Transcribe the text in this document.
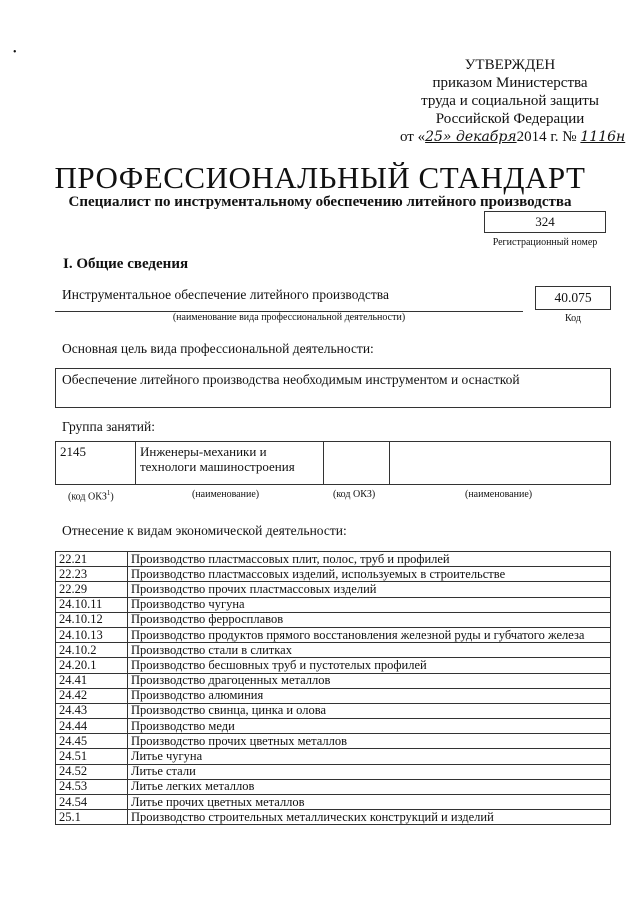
•
УТВЕРЖДЕН
приказом Министерства
труда и социальной защиты
Российской Федерации
от «25» декабря2014 г. № 1116н
ПРОФЕССИОНАЛЬНЫЙ СТАНДАРТ
Специалист по инструментальному обеспечению литейного производства
324
Регистрационный номер
I. Общие сведения
Инструментальное обеспечение литейного производства
(наименование вида профессиональной деятельности)
40.075
Код
Основная цель вида профессиональной деятельности:
Обеспечение литейного производства необходимым инструментом и оснасткой
Группа занятий:
2145	Инженеры-механики и технологи машиностроения		
(код ОКЗ$^1$)	(наименование)	(код ОКЗ)	(наименование)
Отнесение к видам экономической деятельности:
22.21	Производство пластмассовых плит, полос, труб и профилей
22.23	Производство пластмассовых изделий, используемых в строительстве
22.29	Производство прочих пластмассовых изделий
24.10.11	Производство чугуна
24.10.12	Производство ферросплавов
24.10.13	Производство продуктов прямого восстановления железной руды и губчатого железа
24.10.2	Производство стали в слитках
24.20.1	Производство бесшовных труб и пустотелых профилей
24.41	Производство драгоценных металлов
24.42	Производство алюминия
24.43	Производство свинца, цинка и олова
24.44	Производство меди
24.45	Производство прочих цветных металлов
24.51	Литье чугуна
24.52	Литье стали
24.53	Литье легких металлов
24.54	Литье прочих цветных металлов
25.1	Производство строительных металлических конструкций и изделий
